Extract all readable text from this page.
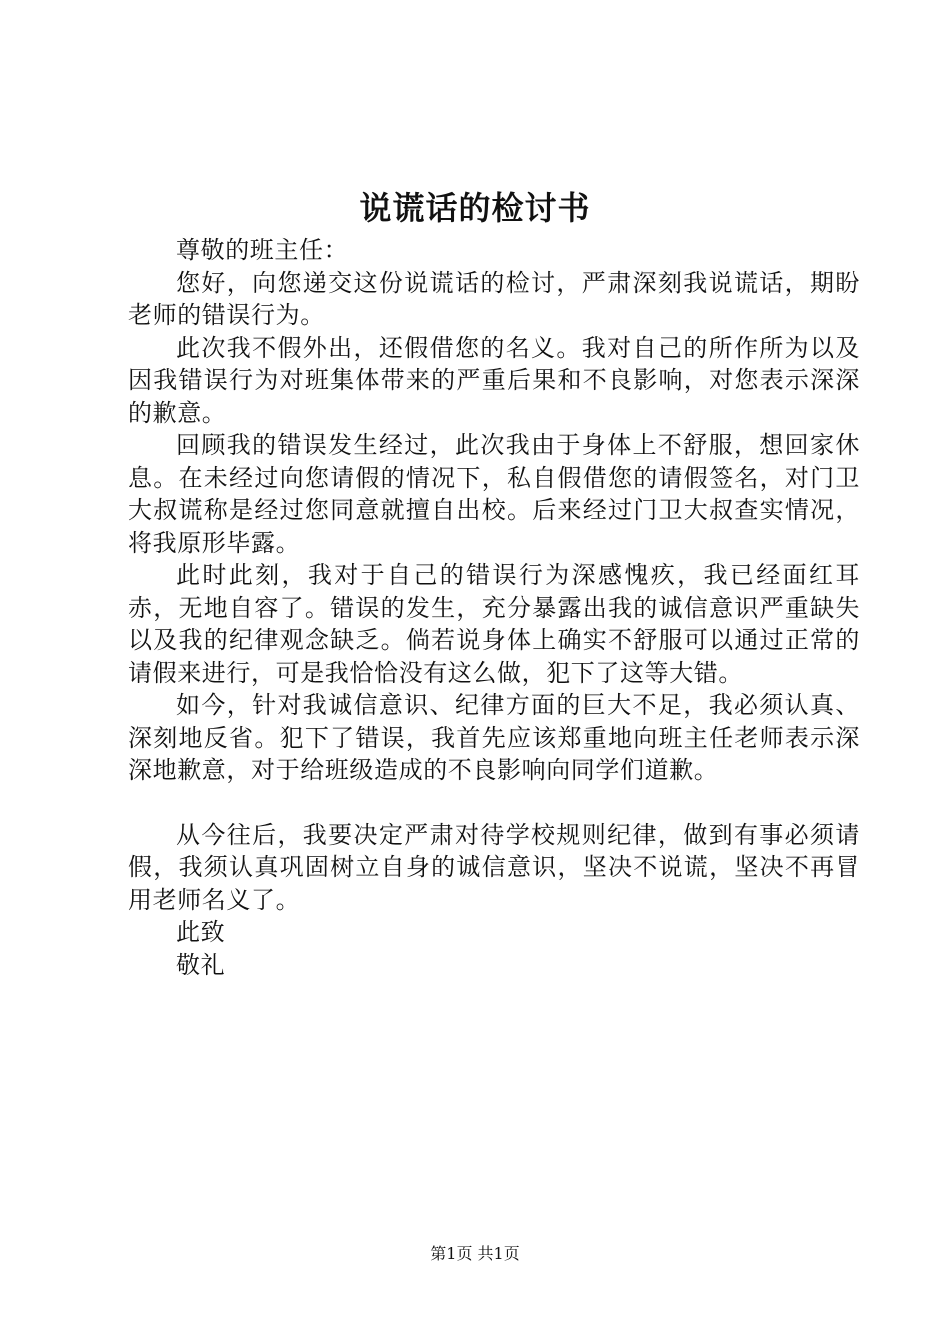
说谎话的检讨书

尊敬的班主任：

您好，向您递交这份说谎话的检讨，严肃深刻我说谎话，期盼老师的错误行为。

此次我不假外出，还假借您的名义。我对自己的所作所为以及因我错误行为对班集体带来的严重后果和不良影响，对您表示深深的歉意。

回顾我的错误发生经过，此次我由于身体上不舒服，想回家休息。在未经过向您请假的情况下，私自假借您的请假签名，对门卫大叔谎称是经过您同意就擅自出校。后来经过门卫大叔查实情况，将我原形毕露。

此时此刻，我对于自己的错误行为深感愧疚，我已经面红耳赤，无地自容了。错误的发生，充分暴露出我的诚信意识严重缺失以及我的纪律观念缺乏。倘若说身体上确实不舒服可以通过正常的请假来进行，可是我恰恰没有这么做，犯下了这等大错。

如今，针对我诚信意识、纪律方面的巨大不足，我必须认真、深刻地反省。犯下了错误，我首先应该郑重地向班主任老师表示深深地歉意，对于给班级造成的不良影响向同学们道歉。

从今往后，我要决定严肃对待学校规则纪律，做到有事必须请假，我须认真巩固树立自身的诚信意识，坚决不说谎，坚决不再冒用老师名义了。

此致

敬礼

第1页 共1页
